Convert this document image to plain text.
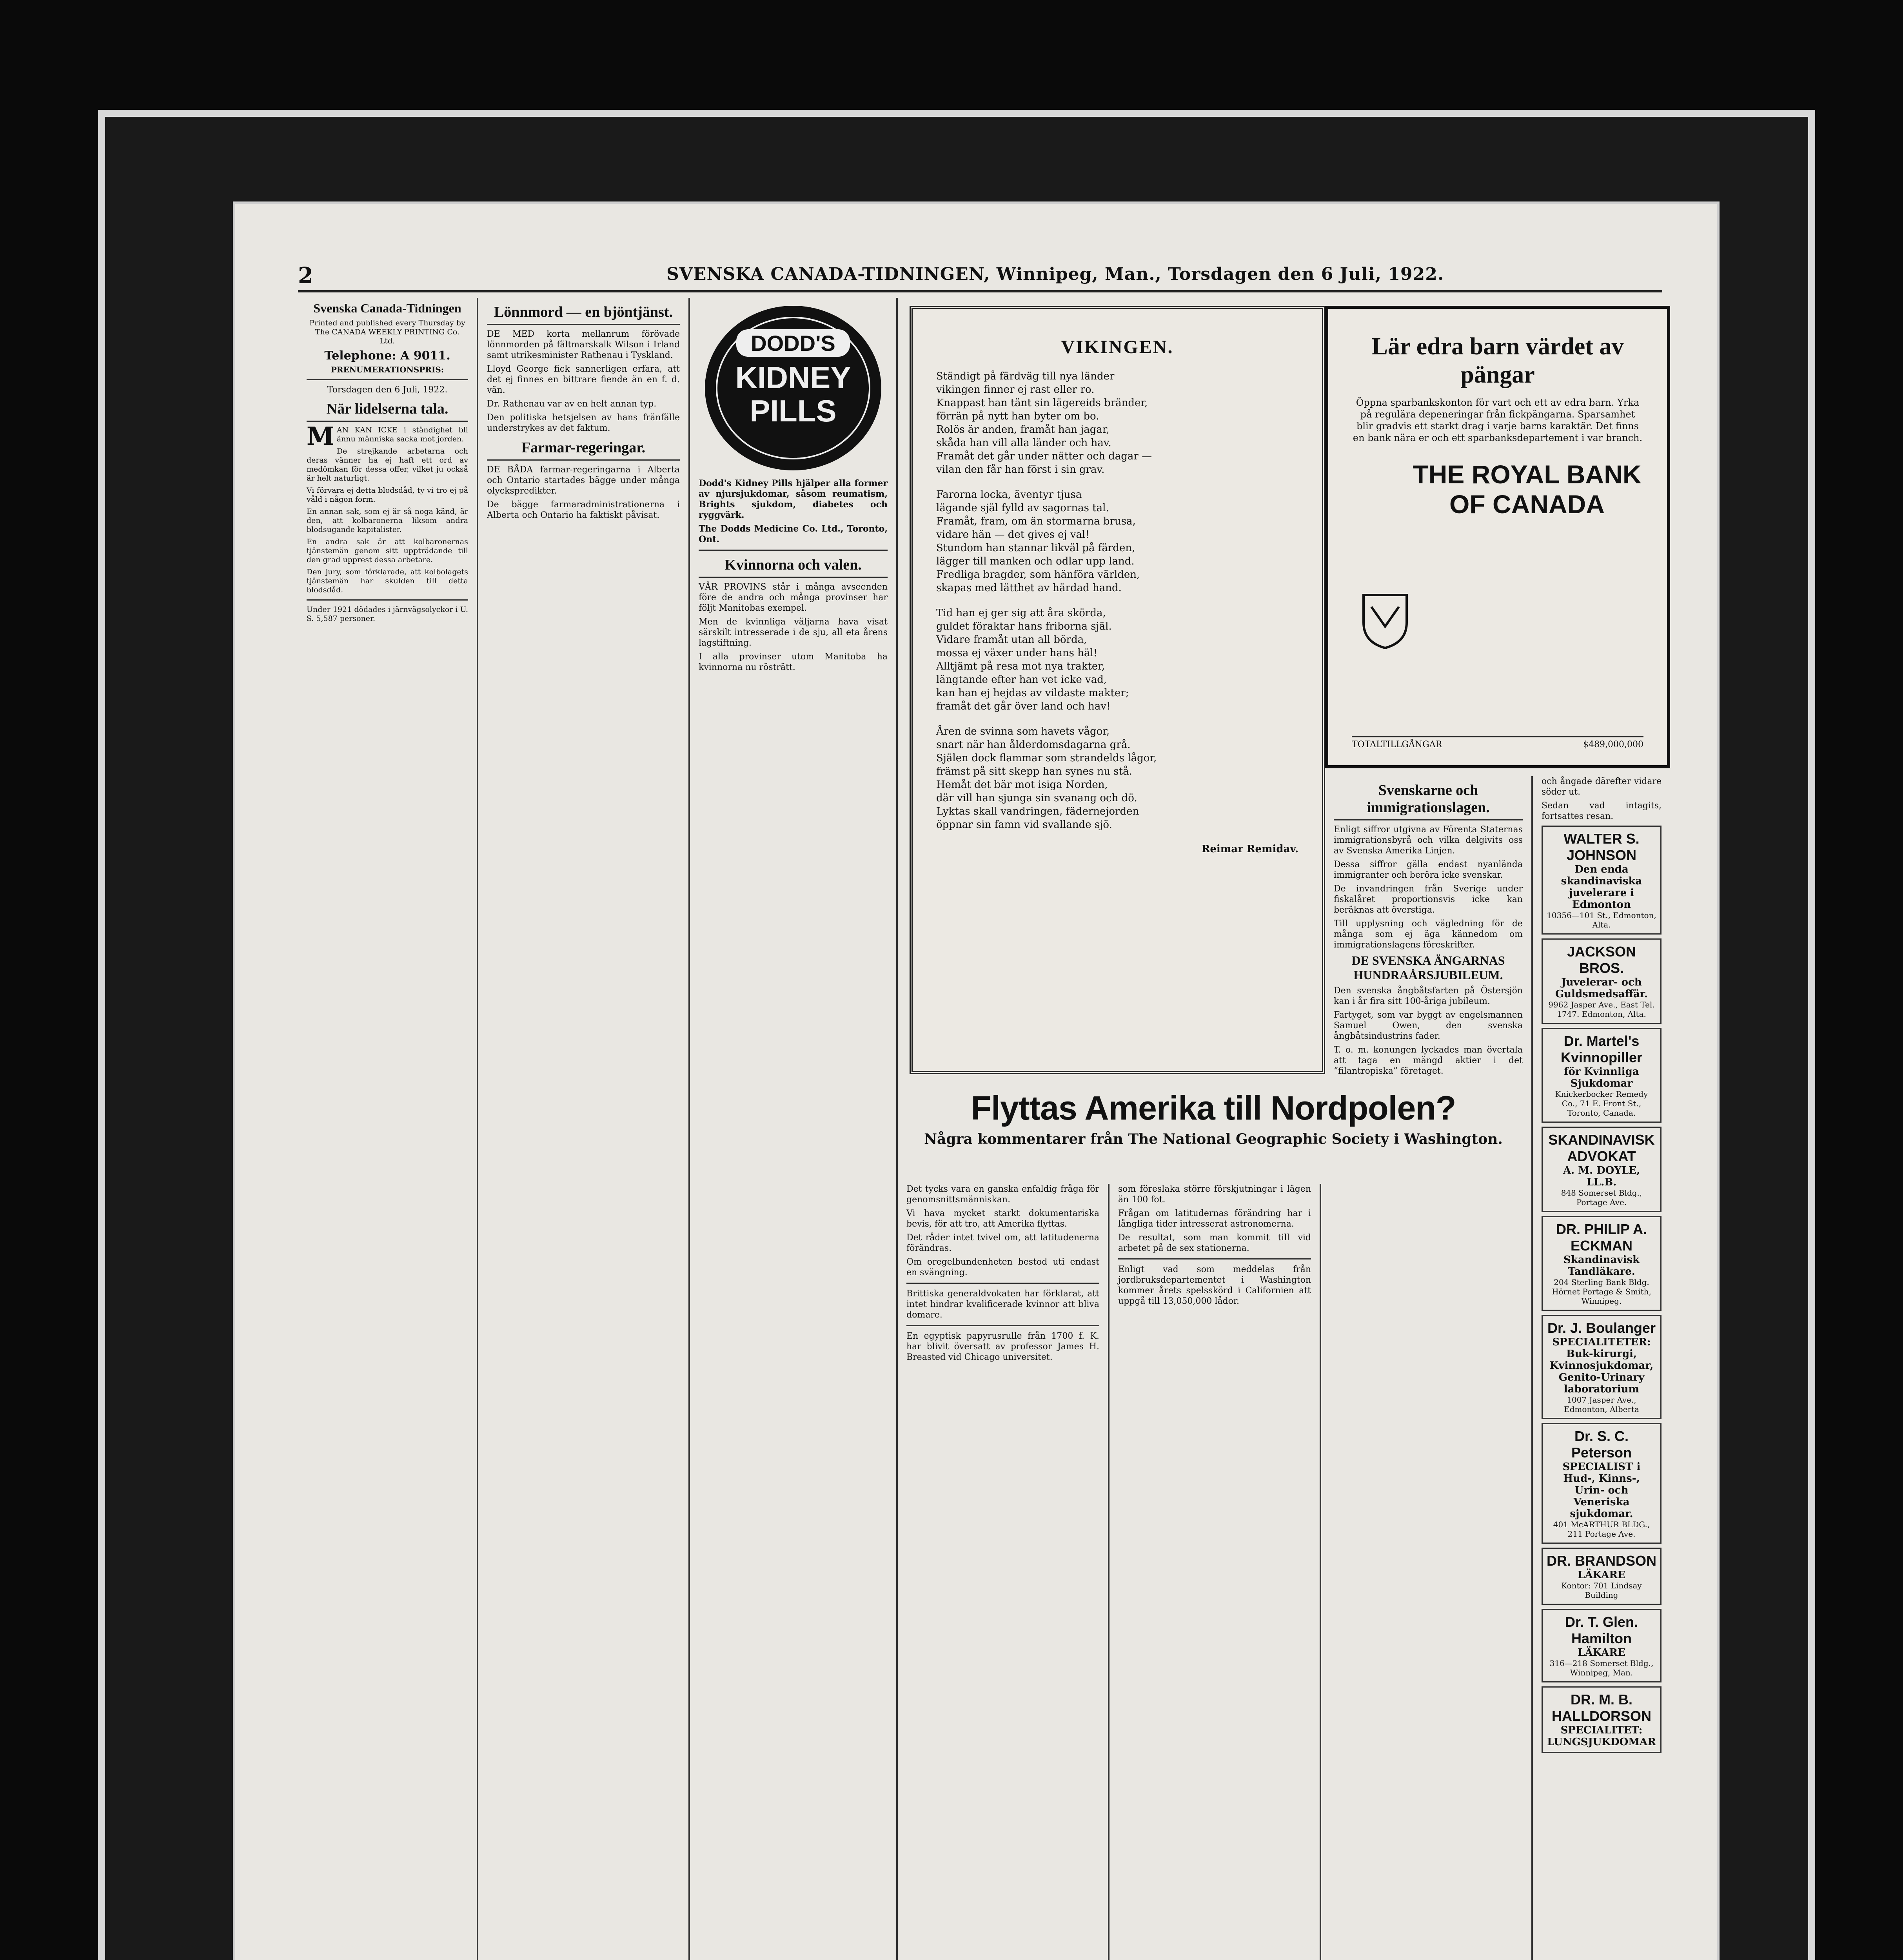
2	SVENSKA CANADA-TIDNINGEN, Winnipeg, Man., Torsdagen den 6 Juli, 1922.
Svenska Canada-Tidningen

Printed and published every Thursday by The CANADA WEEKLY PRINTING Co. Ltd.

Telephone: A 9011.
PRENUMERATIONSPRIS:
Torsdagen den 6 Juli, 1922.
När lidelserna tala.

MAN KAN ICKE i ständighet bli ännu människa sacka mot jorden.

De strejkande arbetarna och deras vänner ha ej haft ett ord av medömkan för dessa offer, vilket ju också är helt naturligt.

Vi förvara ej detta blodsdåd, ty vi tro ej på våld i någon form.

En annan sak, som ej är så noga känd, är den, att kolbaronerna liksom andra blodsugande kapitalister.

En andra sak är att kolbaronernas tjänstemän genom sitt uppträdande till den grad upprest dessa arbetare.

Den jury, som förklarade, att kolbolagets tjänstemän har skulden till detta blodsdåd.

Under 1921 dödades i järnvägsolyckor i U. S. 5,587 personer.

Lönnmord — en bjöntjänst.

DE MED korta mellanrum förövade lönnmorden på fältmarskalk Wilson i Irland samt utrikesminister Rathenau i Tyskland.

Lloyd George fick sannerligen erfara, att det ej finnes en bittrare fiende än en f. d. vän.

Dr. Rathenau var av en helt annan typ.

Den politiska hetsjelsen av hans fränfälle understrykes av det faktum.

Farmar-regeringar.

DE BÅDA farmar-regeringarna i Alberta och Ontario startades bägge under många olyckspredikter.

De bägge farmaradministrationerna i Alberta och Ontario ha faktiskt påvisat.

DODD'S
KIDNEY
PILLS

Dodd's Kidney Pills hjälper alla former av njursjukdomar, såsom reumatism, Brights sjukdom, diabetes och ryggvärk.

The Dodds Medicine Co. Ltd., Toronto, Ont.

Kvinnorna och valen.

VÅR PROVINS står i många avseenden före de andra och många provinser har följt Manitobas exempel.

Men de kvinnliga väljarna hava visat särskilt intresserade i de sju, all eta årens lagstiftning.

I alla provinser utom Manitoba ha kvinnorna nu rösträtt.

VIKINGEN.
Ständigt på färdväg till nya länder
vikingen finner ej rast eller ro.
Knappast han tänt sin lägereids bränder,
förrän på nytt han byter om bo.
Rolös är anden, framåt han jagar,
skåda han vill alla länder och hav.
Framåt det går under nätter och dagar —
vilan den får han först i sin grav.
Farorna locka, äventyr tjusa
lägande själ fylld av sagornas tal.
Framåt, fram, om än stormarna brusa,
vidare hän — det gives ej val!
Stundom han stannar likväl på färden,
lägger till manken och odlar upp land.
Fredliga bragder, som hänföra världen,
skapas med lätthet av härdad hand.
Tid han ej ger sig att åra skörda,
guldet föraktar hans friborna själ.
Vidare framåt utan all börda,
mossa ej växer under hans häl!
Alltjämt på resa mot nya trakter,
längtande efter han vet icke vad,
kan han ej hejdas av vildaste makter;
framåt det går över land och hav!
Åren de svinna som havets vågor,
snart när han ålderdomsdagarna grå.
Själen dock flammar som strandelds lågor,
främst på sitt skepp han synes nu stå.
Hemåt det bär mot isiga Norden,
där vill han sjunga sin svanang och dö.
Lyktas skall vandringen, fädernejorden
öppnar sin famn vid svallande sjö.
Reimar Remidav.
Flyttas Amerika till Nordpolen?
Några kommentarer från The National Geographic Society i Washington.

Det tycks vara en ganska enfaldig fråga för genomsnittsmänniskan.

Vi hava mycket starkt dokumentariska bevis, för att tro, att Amerika flyttas.

Det råder intet tvivel om, att latitudenerna förändras.

Om oregelbundenheten bestod uti endast en svängning.

Brittiska generaldvokaten har förklarat, att intet hindrar kvalificerade kvinnor att bliva domare.

En egyptisk papyrusrulle från 1700 f. K. har blivit översatt av professor James H. Breasted vid Chicago universitet.

som föreslaka större förskjutningar i lägen än 100 fot.

Frågan om latitudernas förändring har i långliga tider intresserat astronomerna.

De resultat, som man kommit till vid arbetet på de sex stationerna.

Enligt vad som meddelas från jordbruksdepartementet i Washington kommer årets spelsskörd i Californien att uppgå till 13,050,000 lådor.

Lär edra barn värdet av pängar
Öppna sparbankskonton för vart och ett av edra barn. Yrka på regulära depeneringar från fickpängarna. Sparsamhet blir gradvis ett starkt drag i varje barns karaktär. Det finns en bank nära er och ett sparbanksdepartement i var branch.
THE ROYAL BANK
OF CANADA
TOTALTILLGÅNGAR	$489,000,000
Svenskarne och immigrationslagen.

Enligt siffror utgivna av Förenta Staternas immigrationsbyrå och vilka delgivits oss av Svenska Amerika Linjen.

Dessa siffror gälla endast nyanländа immigranter och beröra icke svenskar.

De invandringen från Sverige under fiskalåret proportionsvis icke kan beräknas att överstiga.

Till upplysning och vägledning för de många som ej äga kännedom om immigrationslagens föreskrifter.

DE SVENSKA ÄNGARNAS HUNDRAÅRSJUBILEUM.

Den svenska ångbåtsfarten på Östersjön kan i år fira sitt 100-åriga jubileum.

Fartyget, som var byggt av engelsmannen Samuel Owen, den svenska ångbåtsindustrins fader.

T. o. m. konungen lyckades man övertala att taga en mängd aktier i det ”filantropiska” företaget.

och ångade därefter vidare söder ut.

Sedan vad intagits, fortsattes resan.

WALTER S. JOHNSON
Den enda skandinaviska juvelerare i Edmonton
10356—101 St., Edmonton, Alta.
JACKSON BROS.
Juvelerar- och Guldsmedsaffär.
9962 Jasper Ave., East Tel. 1747. Edmonton, Alta.
Dr. Martel's Kvinnopiller
för Kvinnliga Sjukdomar
Knickerbocker Remedy Co., 71 E. Front St., Toronto, Canada.
SKANDINAVISK ADVOKAT
A. M. DOYLE, LL.B.
848 Somerset Bldg., Portage Ave.
DR. PHILIP A. ECKMAN
Skandinavisk Tandläkare.
204 Sterling Bank Bldg. Hörnet Portage & Smith, Winnipeg.
Dr. J. Boulanger
SPECIALITETER: Buk-kirurgi, Kvinnosjukdomar, Genito-Urinary laboratorium
1007 Jasper Ave., Edmonton, Alberta
Dr. S. C. Peterson
SPECIALIST i Hud-, Kinns-, Urin- och Veneriska sjukdomar.
401 McARTHUR BLDG., 211 Portage Ave.
DR. BRANDSON
LÄKARE
Kontor: 701 Lindsay Building
Dr. T. Glen. Hamilton
LÄKARE
316—218 Somerset Bldg., Winnipeg, Man.
DR. M. B. HALLDORSON
SPECIALITET: LUNGSJUKDOMAR
